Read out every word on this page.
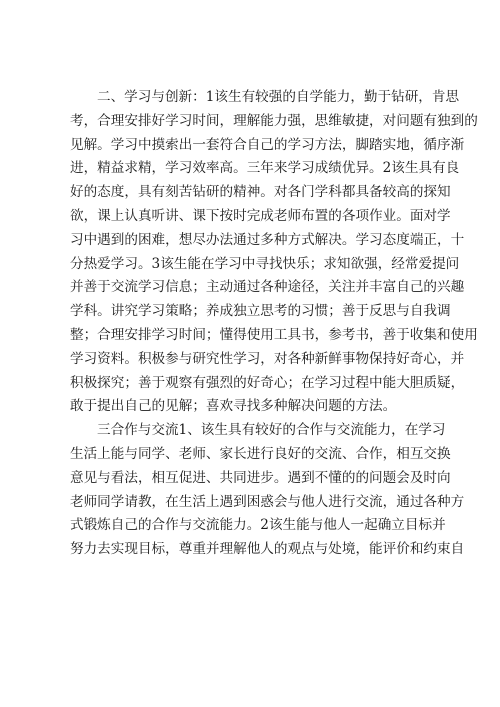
二、学习与创新：1该生有较强的自学能力，勤于钻研，肯思
考，合理安排好学习时间，理解能力强，思维敏捷，对问题有独到的
见解。学习中摸索出一套符合自己的学习方法，脚踏实地，循序渐
进，精益求精，学习效率高。三年来学习成绩优异。2该生具有良
好的态度，具有刻苦钻研的精神。对各门学科都具备较高的探知
欲，课上认真听讲、课下按时完成老师布置的各项作业。面对学
习中遇到的困难，想尽办法通过多种方式解决。学习态度端正，十
分热爱学习。3该生能在学习中寻找快乐；求知欲强，经常爱提问
并善于交流学习信息；主动通过各种途径，关注并丰富自己的兴趣
学科。讲究学习策略；养成独立思考的习惯；善于反思与自我调
整；合理安排学习时间；懂得使用工具书，参考书，善于收集和使用
学习资料。积极参与研究性学习，对各种新鲜事物保持好奇心，并
积极探究；善于观察有强烈的好奇心；在学习过程中能大胆质疑，
敢于提出自己的见解；喜欢寻找多种解决问题的方法。

三合作与交流1、该生具有较好的合作与交流能力，在学习
生活上能与同学、老师、家长进行良好的交流、合作，相互交换
意见与看法，相互促进、共同进步。遇到不懂的的问题会及时向
老师同学请教，在生活上遇到困惑会与他人进行交流，通过各种方
式锻炼自己的合作与交流能力。2该生能与他人一起确立目标并
努力去实现目标，尊重并理解他人的观点与处境，能评价和约束自
